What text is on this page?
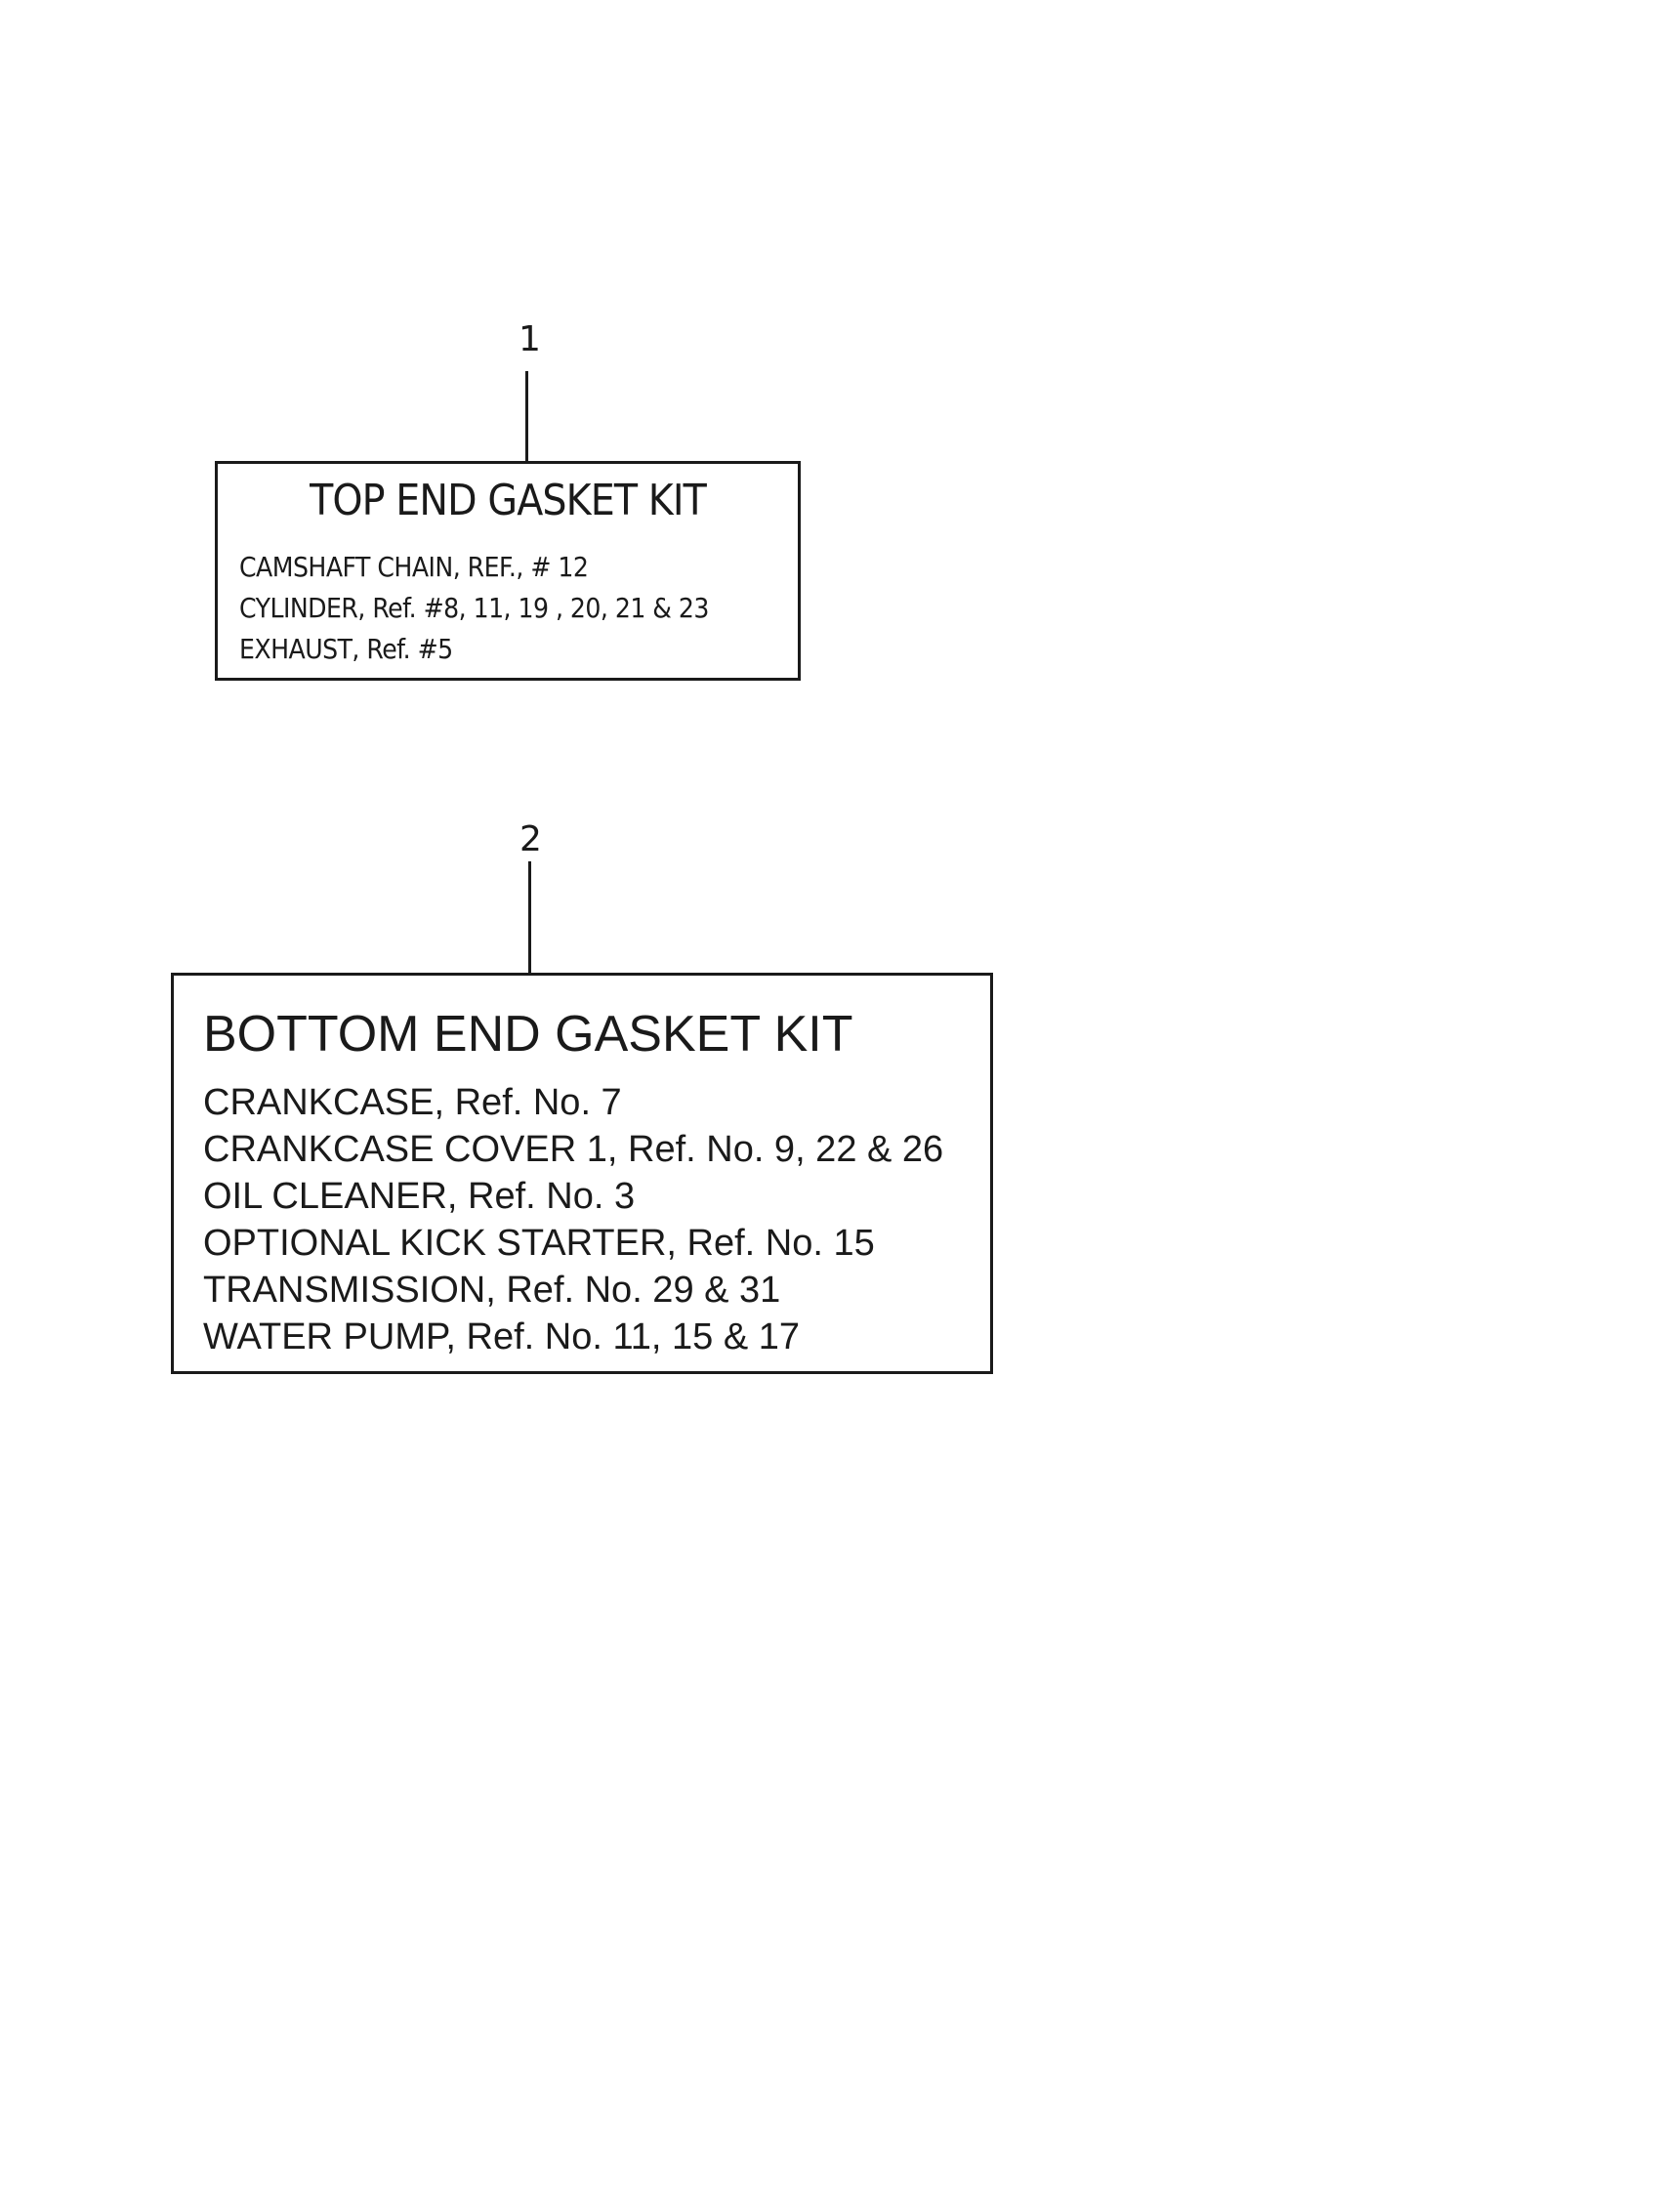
1
TOP END GASKET KIT
CAMSHAFT CHAIN, REF., # 12
CYLINDER, Ref. #8, 11, 19 , 20, 21 & 23
EXHAUST, Ref. #5
2
BOTTOM END GASKET KIT
CRANKCASE, Ref. No. 7
CRANKCASE COVER 1, Ref. No. 9, 22 & 26
OIL CLEANER, Ref. No. 3
OPTIONAL KICK STARTER, Ref. No. 15
TRANSMISSION, Ref. No. 29 & 31
WATER PUMP, Ref. No. 11, 15 & 17
